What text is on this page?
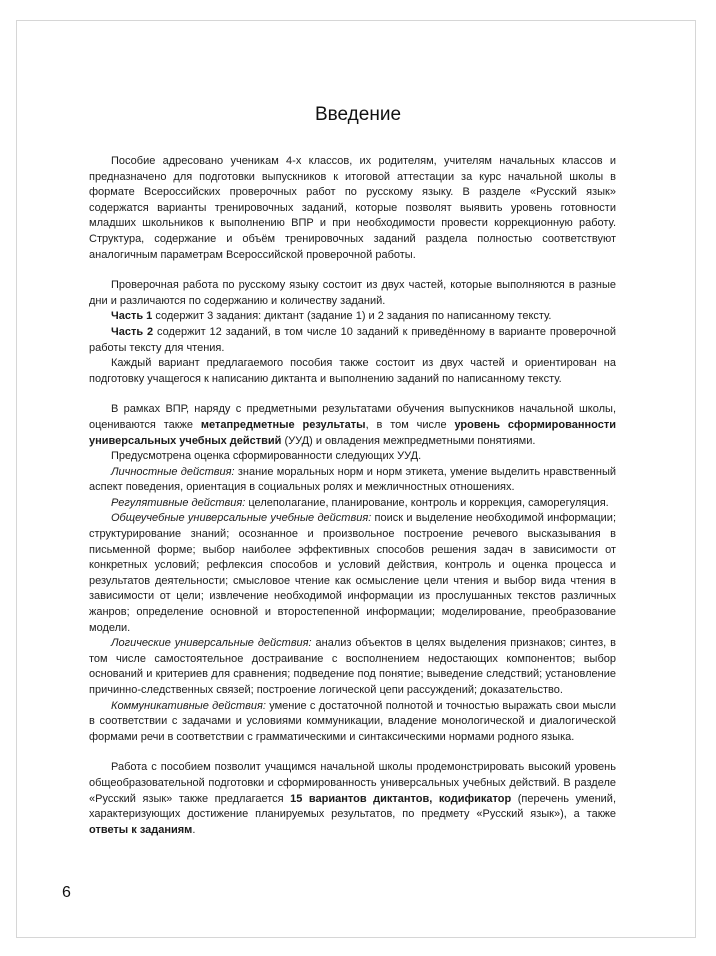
Введение

Пособие адресовано ученикам 4-х классов, их родителям, учителям начальных классов и предназначено для подготовки выпускников к итоговой аттестации за курс начальной школы в формате Всероссийских проверочных работ по русскому языку. В разделе «Русский язык» содержатся варианты тренировочных заданий, которые позволят выявить уровень готовности младших школьников к выполнению ВПР и при необходимости провести коррекционную работу. Структура, содержание и объём тренировочных заданий раздела полностью соответствуют аналогичным параметрам Всероссийской проверочной работы.

Проверочная работа по русскому языку состоит из двух частей, которые выполняются в разные дни и различаются по содержанию и количеству заданий.

Часть 1 содержит 3 задания: диктант (задание 1) и 2 задания по написанному тексту.

Часть 2 содержит 12 заданий, в том числе 10 заданий к приведённому в варианте проверочной работы тексту для чтения.

Каждый вариант предлагаемого пособия также состоит из двух частей и ориентирован на подготовку учащегося к написанию диктанта и выполнению заданий по написанному тексту.

В рамках ВПР, наряду с предметными результатами обучения выпускников начальной школы, оцениваются также метапредметные результаты, в том числе уровень сформированности универсальных учебных действий (УУД) и овладения межпредметными понятиями.

Предусмотрена оценка сформированности следующих УУД.

Личностные действия: знание моральных норм и норм этикета, умение выделить нравственный аспект поведения, ориентация в социальных ролях и межличностных отношениях.

Регулятивные действия: целеполагание, планирование, контроль и коррекция, саморегуляция.

Общеучебные универсальные учебные действия: поиск и выделение необходимой информации; структурирование знаний; осознанное и произвольное построение речевого высказывания в письменной форме; выбор наиболее эффективных способов решения задач в зависимости от конкретных условий; рефлексия способов и условий действия, контроль и оценка процесса и результатов деятельности; смысловое чтение как осмысление цели чтения и выбор вида чтения в зависимости от цели; извлечение необходимой информации из прослушанных текстов различных жанров; определение основной и второстепенной информации; моделирование, преобразование модели.

Логические универсальные действия: анализ объектов в целях выделения признаков; синтез, в том числе самостоятельное достраивание с восполнением недостающих компонентов; выбор оснований и критериев для сравнения; подведение под понятие; выведение следствий; установление причинно-следственных связей; построение логической цепи рассуждений; доказательство.

Коммуникативные действия: умение с достаточной полнотой и точностью выражать свои мысли в соответствии с задачами и условиями коммуникации, владение монологической и диалогической формами речи в соответствии с грамматическими и синтаксическими нормами родного языка.

Работа с пособием позволит учащимся начальной школы продемонстрировать высокий уровень общеобразовательной подготовки и сформированность универсальных учебных действий. В разделе «Русский язык» также предлагается 15 вариантов диктантов, кодификатор (перечень умений, характеризующих достижение планируемых результатов, по предмету «Русский язык»), а также ответы к заданиям.

6
